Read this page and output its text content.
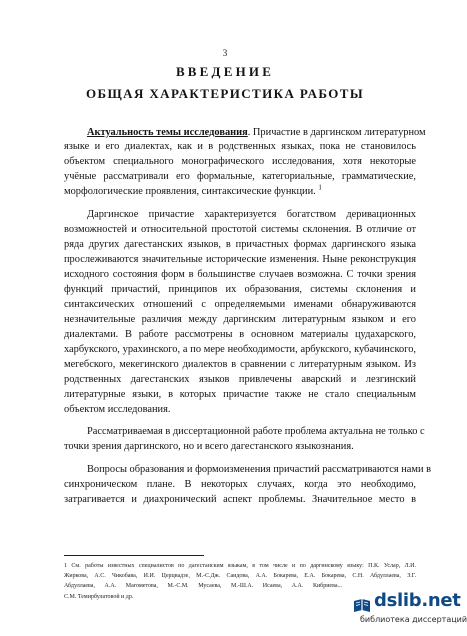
3
ВВЕДЕНИЕ
ОБЩАЯ ХАРАКТЕРИСТИКА РАБОТЫ
Актуальность темы исследования. Причастие в даргинском литературном
языке и его диалектах, как и в родственных языках, пока не становилось
объектом специального монографического исследования, хотя некоторые
учёные рассматривали его формальные, категориальные, грамматические,
морфологические проявления, синтаксические функции. $^1$
Даргинское причастие характеризуется богатством деривационных
возможностей и относительной простотой системы склонения. В отличие от
ряда других дагестанских языков, в причастных формах даргинского языка
прослеживаются значительные исторические изменения. Ныне реконструкция
исходного состояния форм в большинстве случаев возможна. С точки зрения
функций причастий, принципов их образования, системы склонения и
синтаксических отношений с определяемыми именами обнаруживаются
незначительные различия между даргинским литературным языком и его
диалектами. В работе рассмотрены в основном материалы цудахарского,
харбукского, урахинского, а по мере необходимости, арбукского, кубачинского,
мегебского, мекегинского диалектов в сравнении с литературным языком. Из
родственных дагестанских языков привлечены аварский и лезгинский
литературные языки, в которых причастие также не стало специальным
объектом исследования.
Рассматриваемая в диссертационной работе проблема актуальна не только с
точки зрения даргинского, но и всего дагестанского языкознания.
Вопросы образования и формоизменения причастий рассматриваются нами в
синхроническом плане. В некоторых случаях, когда это необходимо,
затрагивается и диахронический аспект проблемы. Значительное место в
1 См. работы известных специалистов по дагестанским языкам, в том числе и по даргинскому языку: П.К. Услар, Л.И.
Жиркова, А.С. Чикобава, И.И. Церцвадзе, М.-С.Дж. Саидова, А.А. Бокарева, Е.А. Бокарева, С.Н. Абдуллаева, З.Г.
Абдуллаева, А.А. Магометова, М.-С.М. Мусаева, М.-Ш.А. Исаева, А.А. Кибриева...
С.М. Темирбулатовой и др.	dslib.net
библиотека диссертаций
